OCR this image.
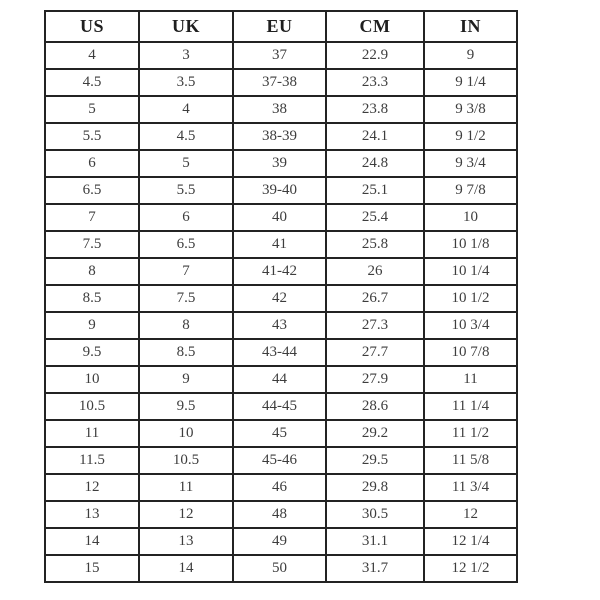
US	UK	EU	CM	IN
4	3	37	22.9	9
4.5	3.5	37-38	23.3	9 1/4
5	4	38	23.8	9 3/8
5.5	4.5	38-39	24.1	9 1/2
6	5	39	24.8	9 3/4
6.5	5.5	39-40	25.1	9 7/8
7	6	40	25.4	10
7.5	6.5	41	25.8	10 1/8
8	7	41-42	26	10 1/4
8.5	7.5	42	26.7	10 1/2
9	8	43	27.3	10 3/4
9.5	8.5	43-44	27.7	10 7/8
10	9	44	27.9	11
10.5	9.5	44-45	28.6	11 1/4
11	10	45	29.2	11 1/2
11.5	10.5	45-46	29.5	11 5/8
12	11	46	29.8	11 3/4
13	12	48	30.5	12
14	13	49	31.1	12 1/4
15	14	50	31.7	12 1/2
